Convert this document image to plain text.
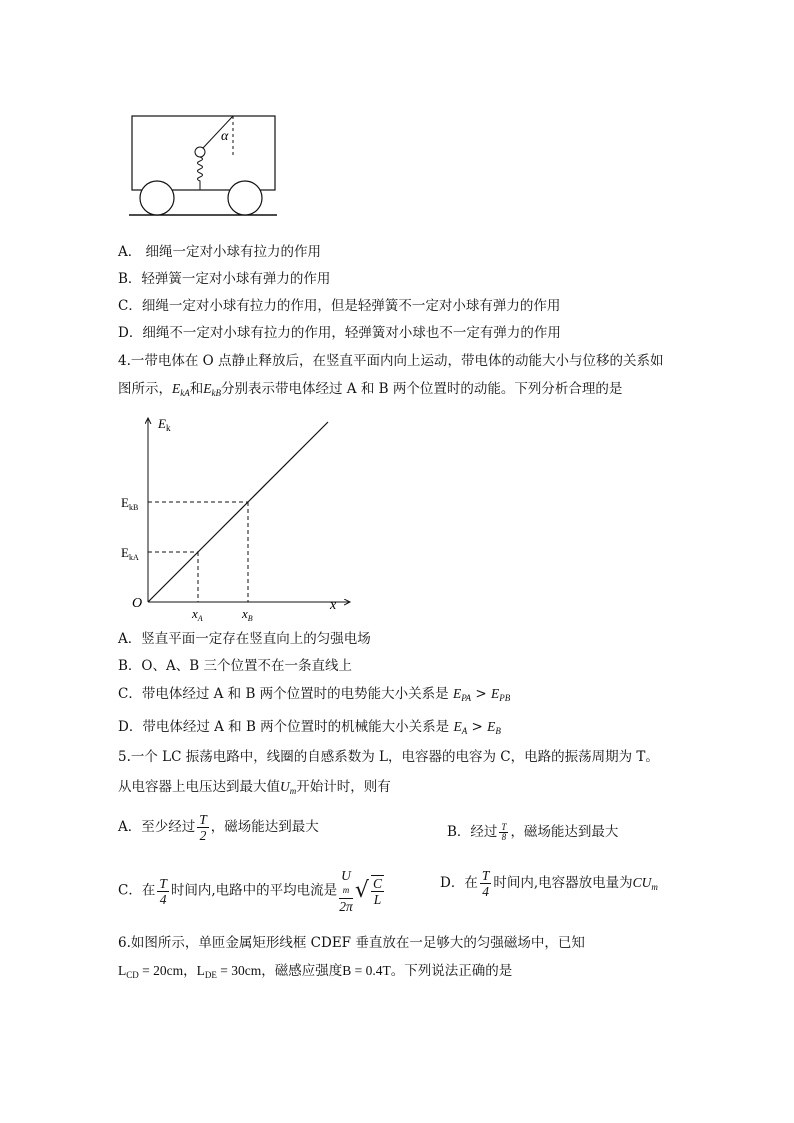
α
A． 细绳一定对小球有拉力的作用
B．轻弹簧一定对小球有弹力的作用
C．细绳一定对小球有拉力的作用，但是轻弹簧不一定对小球有弹力的作用
D．细绳不一定对小球有拉力的作用，轻弹簧对小球也不一定有弹力的作用
4.一带电体在 O 点静止释放后，在竖直平面内向上运动，带电体的动能大小与位移的关系如
图所示，$E_{kA}$和$E_{kB}$分别表示带电体经过 A 和 B 两个位置时的动能。下列分析合理的是
$x_A$	$x_B$
$E_{kA}$
$E_{kB}$
O	x
$E_k$
A．竖直平面一定存在竖直向上的匀强电场
B．O、A、B 三个位置不在一条直线上
C．带电体经过 A 和 B 两个位置时的电势能大小关系是 $E_{PA} > E_{PB}$
D．带电体经过 A 和 B 两个位置时的机械能大小关系是 $E_A > E_B$
5.一个 LC 振荡电路中，线圈的自感系数为 L，电容器的电容为 C，电路的振荡周期为 T。
从电容器上电压达到最大值$U_m$开始计时，则有
A．至少经过 $\frac{T}{2}$ ，磁场能达到最大	B．经过 $\frac{T}{8}$ ，磁场能达到最大
C．在 $\frac{T}{4}$ 时间内,电路中的平均电流是 U
m
2π √ $\frac{C}{L}$	D．在 $\frac{T}{4}$ 时间内,电容器放电量为$CU_m$
6.如图所示，单匝金属矩形线框 CDEF 垂直放在一足够大的匀强磁场中，已知
$L_{CD} = 20cm$，$L_{DE} = 30cm$，磁感应强度B = 0.4T。下列说法正确的是
